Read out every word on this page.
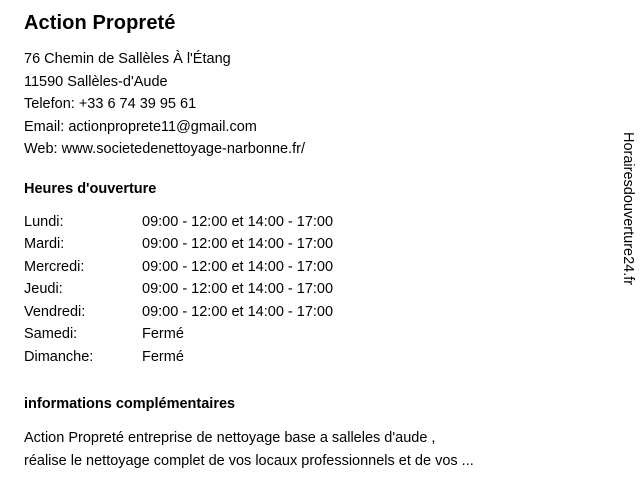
Action Propreté
76 Chemin de Sallèles À l'Étang
11590 Sallèles-d'Aude
Telefon: +33 6 74 39 95 61
Email: actionproprete11@gmail.com
Web: www.societedenettoyage-narbonne.fr/
Heures d'ouverture
Lundi:	09:00 - 12:00 et 14:00 - 17:00
Mardi:	09:00 - 12:00 et 14:00 - 17:00
Mercredi:	09:00 - 12:00 et 14:00 - 17:00
Jeudi:	09:00 - 12:00 et 14:00 - 17:00
Vendredi:	09:00 - 12:00 et 14:00 - 17:00
Samedi:	Fermé
Dimanche:	Fermé
informations complémentaires
Action Propreté entreprise de nettoyage base a salleles d'aude ,
réalise le nettoyage complet de vos locaux professionnels et de vos ...
Horairesdouverture24.fr
